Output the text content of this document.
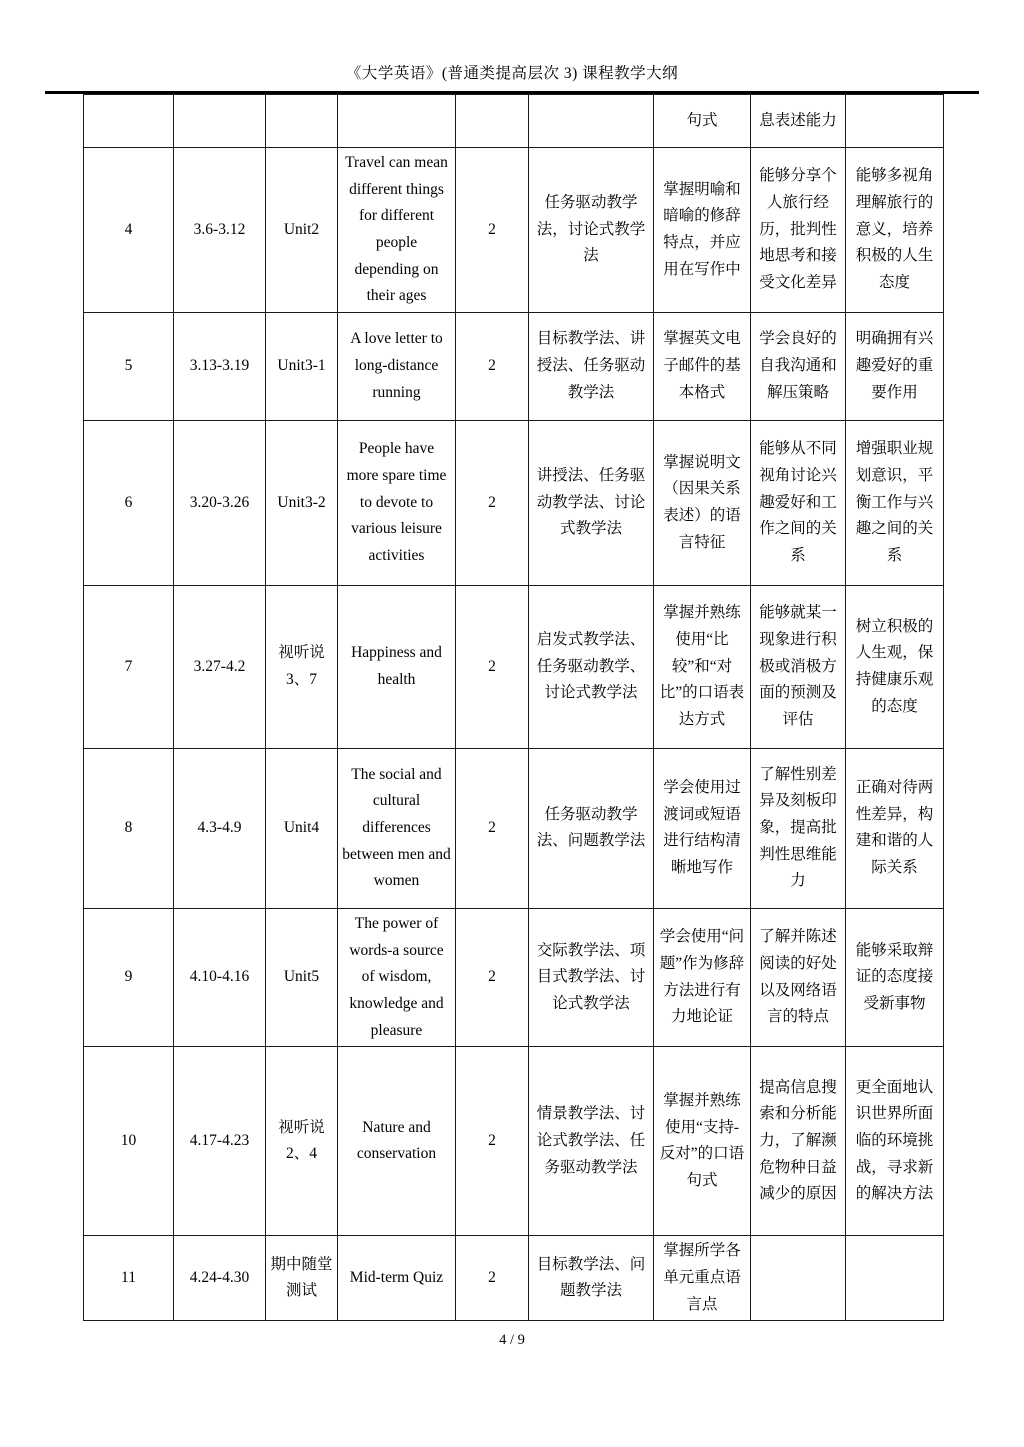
《大学英语》(普通类提高层次 3) 课程教学大纲
						句式	息表述能力	
4	3.6-3.12	Unit2	Travel can mean different things for different people depending on their ages	2	任务驱动教学法，讨论式教学法	掌握明喻和暗喻的修辞特点，并应用在写作中	能够分享个人旅行经历，批判性地思考和接受文化差异	能够多视角理解旅行的意义，培养积极的人生态度
5	3.13-3.19	Unit3-1	A love letter to long-distance running	2	目标教学法、讲授法、任务驱动教学法	掌握英文电子邮件的基本格式	学会良好的自我沟通和解压策略	明确拥有兴趣爱好的重要作用
6	3.20-3.26	Unit3-2	People have more spare time to devote to various leisure activities	2	讲授法、任务驱动教学法、讨论式教学法	掌握说明文（因果关系表述）的语言特征	能够从不同视角讨论兴趣爱好和工作之间的关系	增强职业规划意识，平衡工作与兴趣之间的关系
7	3.27-4.2	视听说 3、7	Happiness and health	2	启发式教学法、任务驱动教学、讨论式教学法	掌握并熟练使用“比较”和“对比”的口语表达方式	能够就某一现象进行积极或消极方面的预测及评估	树立积极的人生观，保持健康乐观的态度
8	4.3-4.9	Unit4	The social and cultural differences between men and women	2	任务驱动教学法、问题教学法	学会使用过渡词或短语进行结构清晰地写作	了解性别差异及刻板印象，提高批判性思维能力	正确对待两性差异，构建和谐的人际关系
9	4.10-4.16	Unit5	The power of words-a source of wisdom, knowledge and pleasure	2	交际教学法、项目式教学法、讨论式教学法	学会使用“问题”作为修辞方法进行有力地论证	了解并陈述阅读的好处以及网络语言的特点	能够采取辩证的态度接受新事物
10	4.17-4.23	视听说 2、4	Nature and conservation	2	情景教学法、讨论式教学法、任务驱动教学法	掌握并熟练使用“支持-反对”的口语句式	提高信息搜索和分析能力，了解濒危物种日益减少的原因	更全面地认识世界所面临的环境挑战，寻求新的解决方法
11	4.24-4.30	期中随堂测试	Mid-term Quiz	2	目标教学法、问题教学法	掌握所学各单元重点语言点		
4 / 9
